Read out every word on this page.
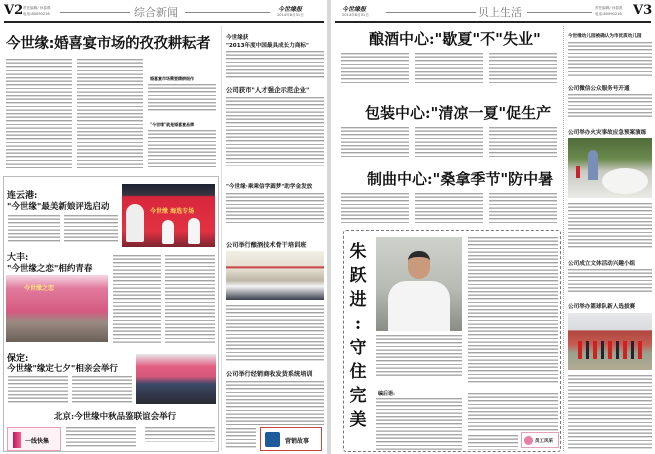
V2 责任编辑/ 孙春燕
电话:80090216	综合新闻	今世缘报
2014年8月31日
今世缘:婚喜宴市场的孜孜耕耘者
婚喜宴市场需要精耕细作
"今世缘"就是婚喜宴品牌
连云港:
"今世缘"最美新娘评选启动	今世缘 海选专场
大丰:
"今世缘之恋"相约青春
今世缘之恋
保定:
今世缘"缘定七夕"相亲会举行
北京:今世缘中秋品鉴联谊会举行
一线快集
今世缘获
"2013年度中国最具成长力商标"
公司获市"人才强企示范企业"
"今世缘·乘乘信学圆梦"助学金发放
公司举行酿酒技术骨干培训班
公司举行经销商收发货系统培训
营销故事
今世缘报
2014年8月31日	贝上生活	责任编辑/ 孙春燕
电话:80090216 V3
酿酒中心:"歇夏"不"失业"
包装中心:"清凉一夏"促生产
制曲中心:"桑拿季节"防中暑
朱
跃
进
:
守
住
完
美
编后语:
员工风采
今世缘幼儿园被确认为市优质幼儿园
公司微信公众服务号开通
公司举办火灾事故应急预案演练
公司成立文体活动兴趣小组
公司举办篮球队新人选拔赛
